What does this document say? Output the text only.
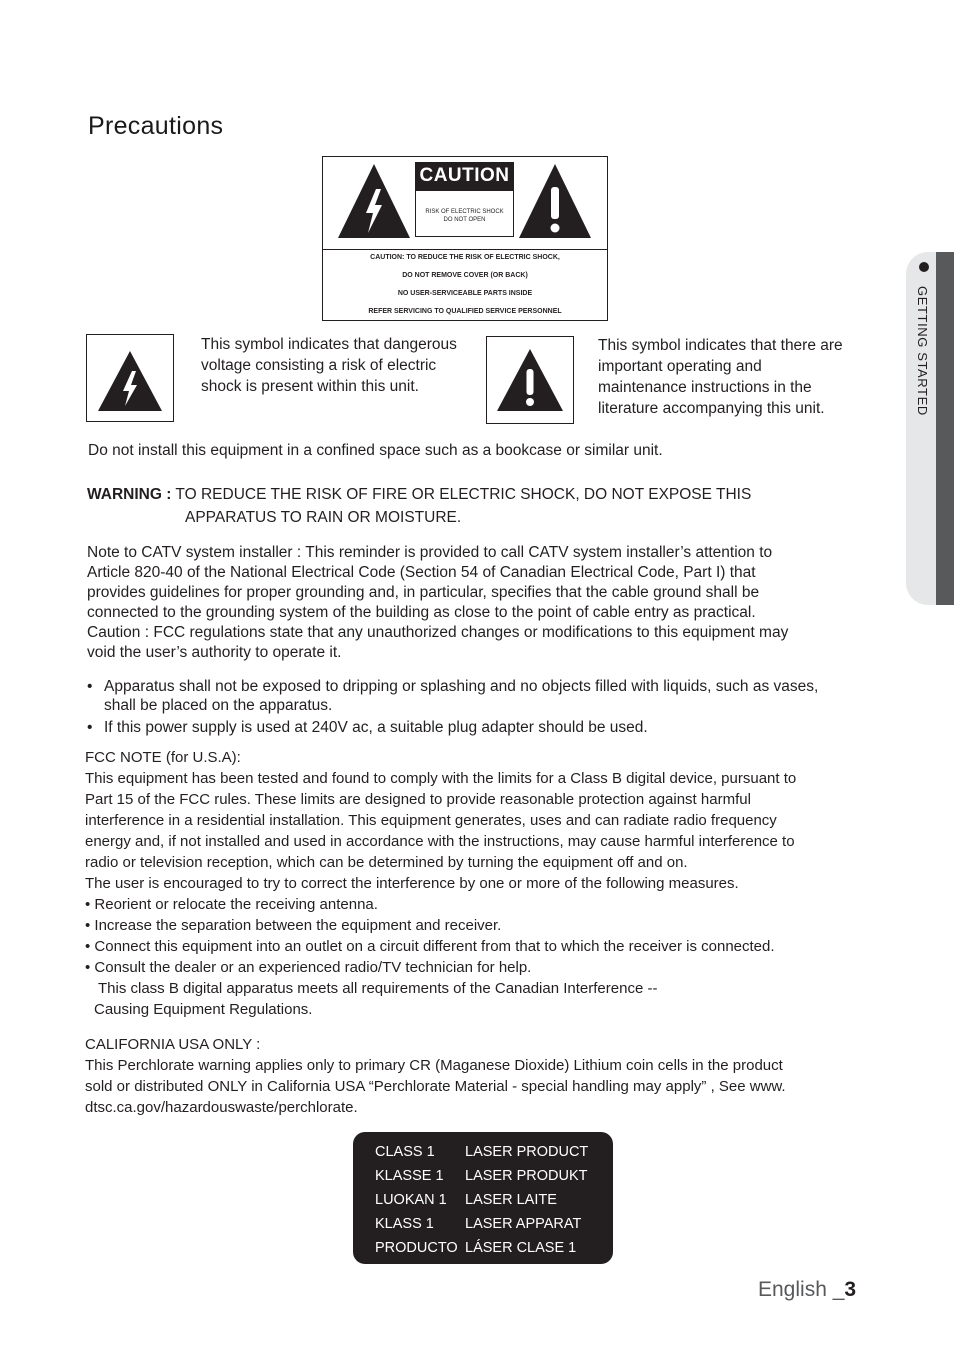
Precautions
GETTING STARTED
CAUTION
RISK OF ELECTRIC SHOCK
DO NOT OPEN
CAUTION: TO REDUCE THE RISK OF ELECTRIC SHOCK,
DO NOT REMOVE COVER (OR BACK)
NO USER-SERVICEABLE PARTS INSIDE
REFER SERVICING TO QUALIFIED SERVICE PERSONNEL
This symbol indicates that dangerous voltage consisting a risk of electric shock is present within this unit.
This symbol indicates that there are important operating and maintenance instructions in the literature accompanying this unit.
Do not install this equipment in a confined space such as a bookcase or similar unit.
WARNING : TO REDUCE THE RISK OF FIRE OR ELECTRIC SHOCK, DO NOT EXPOSE THIS
APPARATUS TO RAIN OR MOISTURE.
Note to CATV system installer : This reminder is provided to call CATV system installer’s attention to
Article 820-40 of the National Electrical Code (Section 54 of Canadian Electrical Code, Part I) that
provides guidelines for proper grounding and, in particular, specifies that the cable ground shall be
connected to the grounding system of the building as close to the point of cable entry as practical.
Caution : FCC regulations state that any unauthorized changes or modifications to this equipment may
void the user’s authority to operate it.
• Apparatus shall not be exposed to dripping or splashing and no objects filled with liquids, such as vases,
shall be placed on the apparatus.
• If this power supply is used at 240V ac, a suitable plug adapter should be used.
FCC NOTE (for U.S.A):
This equipment has been tested and found to comply with the limits for a Class B digital device, pursuant to
Part 15 of the FCC rules. These limits are designed to provide reasonable protection against harmful
interference in a residential installation. This equipment generates, uses and can radiate radio frequency
energy and, if not installed and used in accordance with the instructions, may cause harmful interference to
radio or television reception, which can be determined by turning the equipment off and on.
The user is encouraged to try to correct the interference by one or more of the following measures.
• Reorient or relocate the receiving antenna.
• Increase the separation between the equipment and receiver.
• Connect this equipment into an outlet on a circuit different from that to which the receiver is connected.
• Consult the dealer or an experienced radio/TV technician for help.
This class B digital apparatus meets all requirements of the Canadian Interference --
Causing Equipment Regulations.
CALIFORNIA USA ONLY :
This Perchlorate warning applies only to primary CR (Maganese Dioxide) Lithium coin cells in the product
sold or distributed ONLY in California USA “Perchlorate Material - special handling may apply” , See www.
dtsc.ca.gov/hazardouswaste/perchlorate.
CLASS 1	LASER PRODUCT
KLASSE 1	LASER PRODUKT
LUOKAN 1	LASER LAITE
KLASS 1	LASER APPARAT
PRODUCTO	LÁSER CLASE 1
English _3
